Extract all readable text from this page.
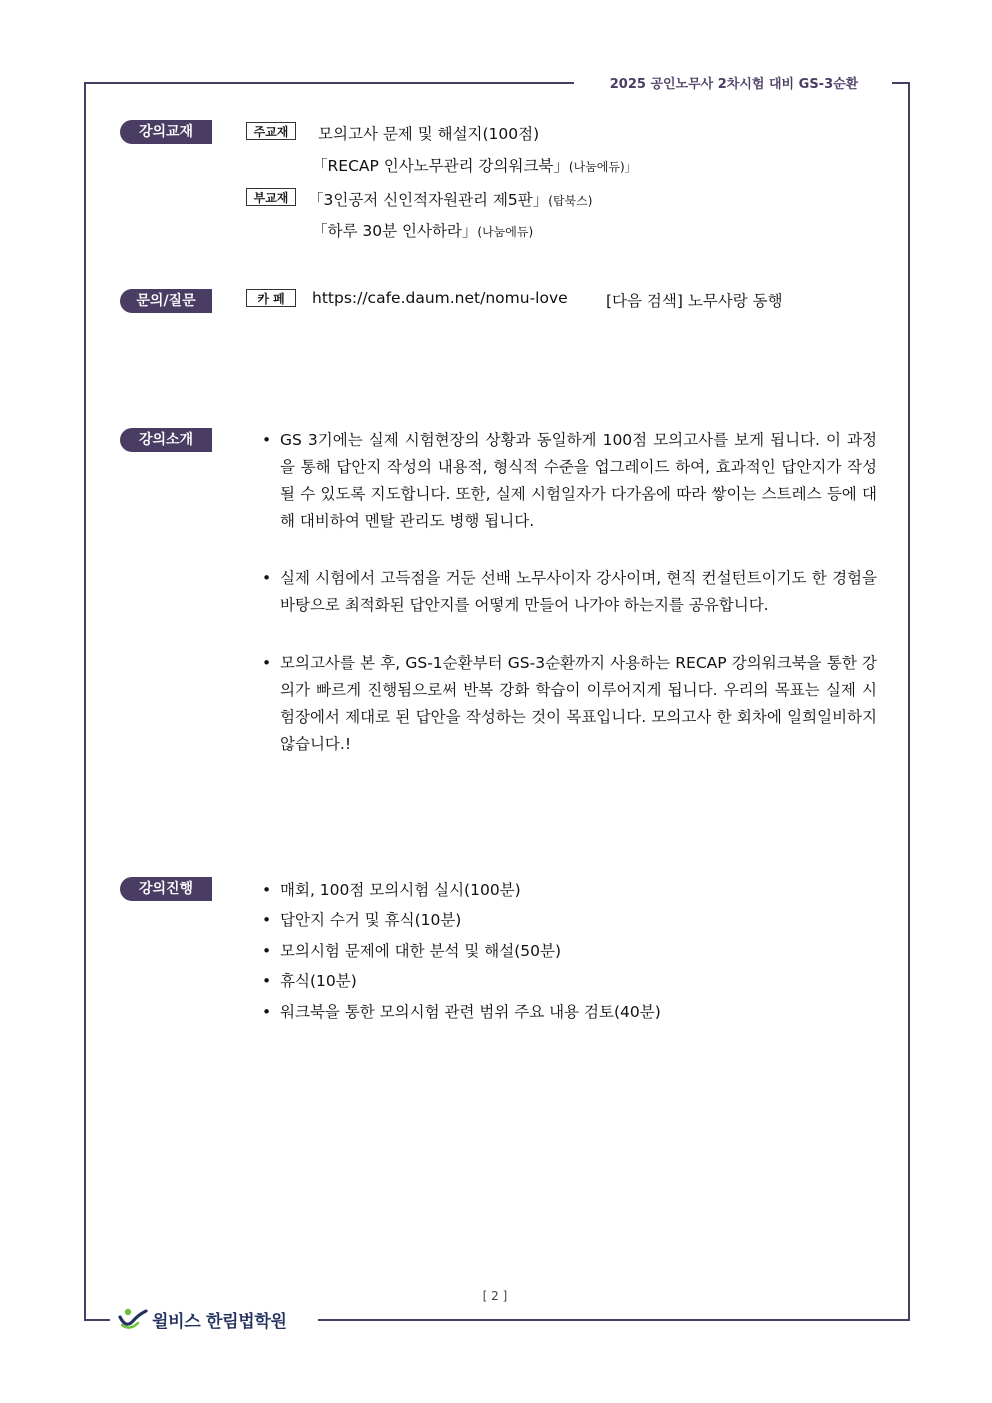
2025 공인노무사 2차시험 대비 GS-3순환
강의교재	주교재	모의고사 문제 및 해설지(100점)
「RECAP 인사노무관리 강의워크북」(나눔에듀)」
부교재	「3인공저 신인적자원관리 제5판」(탑북스)
「하루 30분 인사하라」(나눔에듀)
문의/질문	카 페	https://cafe.daum.net/nomu-love [다음 검색] 노무사랑 동행
강의소개	• GS 3기에는 실제 시험현장의 상황과 동일하게 100점 모의고사를 보게 됩니다. 이 과정을 통해 답안지 작성의 내용적, 형식적 수준을 업그레이드 하여, 효과적인 답안지가 작성될 수 있도록 지도합니다. 또한, 실제 시험일자가 다가옴에 따라 쌓이는 스트레스 등에 대해 대비하여 멘탈 관리도 병행 됩니다.
• 실제 시험에서 고득점을 거둔 선배 노무사이자 강사이며, 현직 컨설턴트이기도 한 경험을 바탕으로 최적화된 답안지를 어떻게 만들어 나가야 하는지를 공유합니다.
• 모의고사를 본 후, GS-1순환부터 GS-3순환까지 사용하는 RECAP 강의워크북을 통한 강의가 빠르게 진행됨으로써 반복 강화 학습이 이루어지게 됩니다. 우리의 목표는 실제 시험장에서 제대로 된 답안을 작성하는 것이 목표입니다. 모의고사 한 회차에 일희일비하지 않습니다.!
강의진행	• 매회, 100점 모의시험 실시(100분)
• 답안지 수거 및 휴식(10분)
• 모의시험 문제에 대한 분석 및 해설(50분)
• 휴식(10분)
• 워크북을 통한 모의시험 관련 범위 주요 내용 검토(40분)
[ 2 ]
윌비스 한림법학원
